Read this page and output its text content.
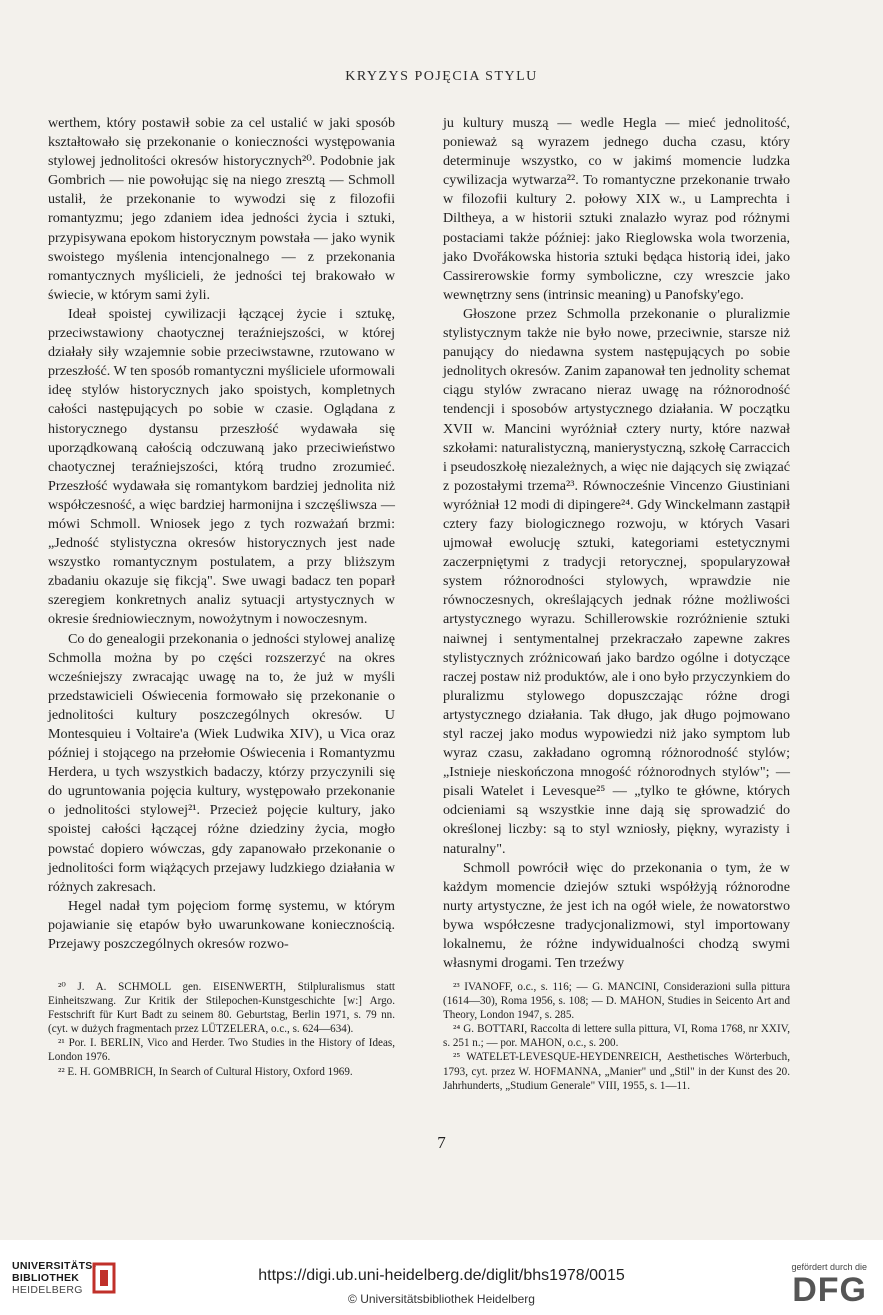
KRYZYS POJĘCIA STYLU

werthem, który postawił sobie za cel ustalić w jaki sposób kształtowało się przekonanie o konieczności występowania stylowej jednolitości okresów historycznych²⁰. Podobnie jak Gombrich — nie powołując się na niego zresztą — Schmoll ustalił, że przekonanie to wywodzi się z filozofii romantyzmu; jego zdaniem idea jedności życia i sztuki, przypisywana epokom historycznym powstała — jako wynik swoistego myślenia intencjonalnego — z przekonania romantycznych myślicieli, że jedności tej brakowało w świecie, w którym sami żyli.

Ideał spoistej cywilizacji łączącej życie i sztukę, przeciwstawiony chaotycznej teraźniejszości, w której działały siły wzajemnie sobie przeciwstawne, rzutowano w przeszłość. W ten sposób romantyczni myśliciele uformowali ideę stylów historycznych jako spoistych, kompletnych całości następujących po sobie w czasie. Oglądana z historycznego dystansu przeszłość wydawała się uporządkowaną całością odczuwaną jako przeciwieństwo chaotycznej teraźniejszości, którą trudno zrozumieć. Przeszłość wydawała się romantykom bardziej jednolita niż współczesność, a więc bardziej harmonijna i szczęśliwsza — mówi Schmoll. Wniosek jego z tych rozważań brzmi: „Jedność stylistyczna okresów historycznych jest nade wszystko romantycznym postulatem, a przy bliższym zbadaniu okazuje się fikcją". Swe uwagi badacz ten poparł szeregiem konkretnych analiz sytuacji artystycznych w okresie średniowiecznym, nowożytnym i nowoczesnym.

Co do genealogii przekonania o jedności stylowej analizę Schmolla można by po części rozszerzyć na okres wcześniejszy zwracając uwagę na to, że już w myśli przedstawicieli Oświecenia formowało się przekonanie o jednolitości kultury poszczególnych okresów. U Montesquieu i Voltaire'a (Wiek Ludwika XIV), u Vica oraz później i stojącego na przełomie Oświecenia i Romantyzmu Herdera, u tych wszystkich badaczy, którzy przyczynili się do ugruntowania pojęcia kultury, występowało przekonanie o jednolitości stylowej²¹. Przecież pojęcie kultury, jako spoistej całości łączącej różne dziedziny życia, mogło powstać dopiero wówczas, gdy zapanowało przekonanie o jednolitości form wiążących przejawy ludzkiego działania w różnych zakresach.

Hegel nadał tym pojęciom formę systemu, w którym pojawianie się etapów było uwarunkowane koniecznością. Przejawy poszczególnych okresów rozwo-

ju kultury muszą — wedle Hegla — mieć jednolitość, ponieważ są wyrazem jednego ducha czasu, który determinuje wszystko, co w jakimś momencie ludzka cywilizacja wytwarza²². To romantyczne przekonanie trwało w filozofii kultury 2. połowy XIX w., u Lamprechta i Diltheya, a w historii sztuki znalazło wyraz pod różnymi postaciami także później: jako Rieglowska wola tworzenia, jako Dvořákowska historia sztuki będąca historią idei, jako Cassirerowskie formy symboliczne, czy wreszcie jako wewnętrzny sens (intrinsic meaning) u Panofsky'ego.

Głoszone przez Schmolla przekonanie o pluralizmie stylistycznym także nie było nowe, przeciwnie, starsze niż panujący do niedawna system następujących po sobie jednolitych okresów. Zanim zapanował ten jednolity schemat ciągu stylów zwracano nieraz uwagę na różnorodność tendencji i sposobów artystycznego działania. W początku XVII w. Mancini wyróżniał cztery nurty, które nazwał szkołami: naturalistyczną, manierystyczną, szkołę Carraccich i pseudoszkołę niezależnych, a więc nie dających się związać z pozostałymi trzema²³. Równocześnie Vincenzo Giustiniani wyróżniał 12 modi di dipingere²⁴. Gdy Winckelmann zastąpił cztery fazy biologicznego rozwoju, w których Vasari ujmował ewolucję sztuki, kategoriami estetycznymi zaczerpniętymi z tradycji retorycznej, spopularyzował system różnorodności stylowych, wprawdzie nie równoczesnych, określających jednak różne możliwości artystycznego wyrazu. Schillerowskie rozróżnienie sztuki naiwnej i sentymentalnej przekraczało zapewne zakres stylistycznych zróżnicowań jako bardzo ogólne i dotyczące raczej postaw niż produktów, ale i ono było przyczynkiem do pluralizmu stylowego dopuszczając różne drogi artystycznego działania. Tak długo, jak długo pojmowano styl raczej jako modus wypowiedzi niż jako symptom lub wyraz czasu, zakładano ogromną różnorodność stylów; „Istnieje nieskończona mnogość różnorodnych stylów"; — pisali Watelet i Levesque²⁵ — „tylko te główne, których odcieniami są wszystkie inne dają się sprowadzić do określonej liczby: są to styl wzniosły, piękny, wyrazisty i naturalny".

Schmoll powrócił więc do przekonania o tym, że w każdym momencie dziejów sztuki współżyją różnorodne nurty artystyczne, że jest ich na ogół wiele, że nowatorstwo bywa współczesne tradycjonalizmowi, styl importowany lokalnemu, że różne indywidualności chodzą swymi własnymi drogami. Ten trzeźwy

²⁰ J. A. SCHMOLL gen. EISENWERTH, Stilpluralismus statt Einheitszwang. Zur Kritik der Stilepochen-Kunstgeschichte [w:] Argo. Festschrift für Kurt Badt zu seinem 80. Geburtstag, Berlin 1971, s. 79 nn. (cyt. w dużych fragmentach przez LÜTZELERA, o.c., s. 624—634).

²¹ Por. I. BERLIN, Vico and Herder. Two Studies in the History of Ideas, London 1976.

²² E. H. GOMBRICH, In Search of Cultural History, Oxford 1969.

²³ IVANOFF, o.c., s. 116; — G. MANCINI, Considerazioni sulla pittura (1614—30), Roma 1956, s. 108; — D. MAHON, Studies in Seicento Art and Theory, London 1947, s. 285.

²⁴ G. BOTTARI, Raccolta di lettere sulla pittura, VI, Roma 1768, nr XXIV, s. 251 n.; — por. MAHON, o.c., s. 200.

²⁵ WATELET-LEVESQUE-HEYDENREICH, Aesthetisches Wörterbuch, 1793, cyt. przez W. HOFMANNA, „Manier" und „Stil" in der Kunst des 20. Jahrhunderts, „Studium Generale" VIII, 1955, s. 1—11.

7
UNIVERSITÄTS-
BIBLIOTHEK
HEIDELBERG
https://digi.ub.uni-heidelberg.de/diglit/bhs1978/0015
© Universitätsbibliothek Heidelberg
gefördert durch die
DFG
